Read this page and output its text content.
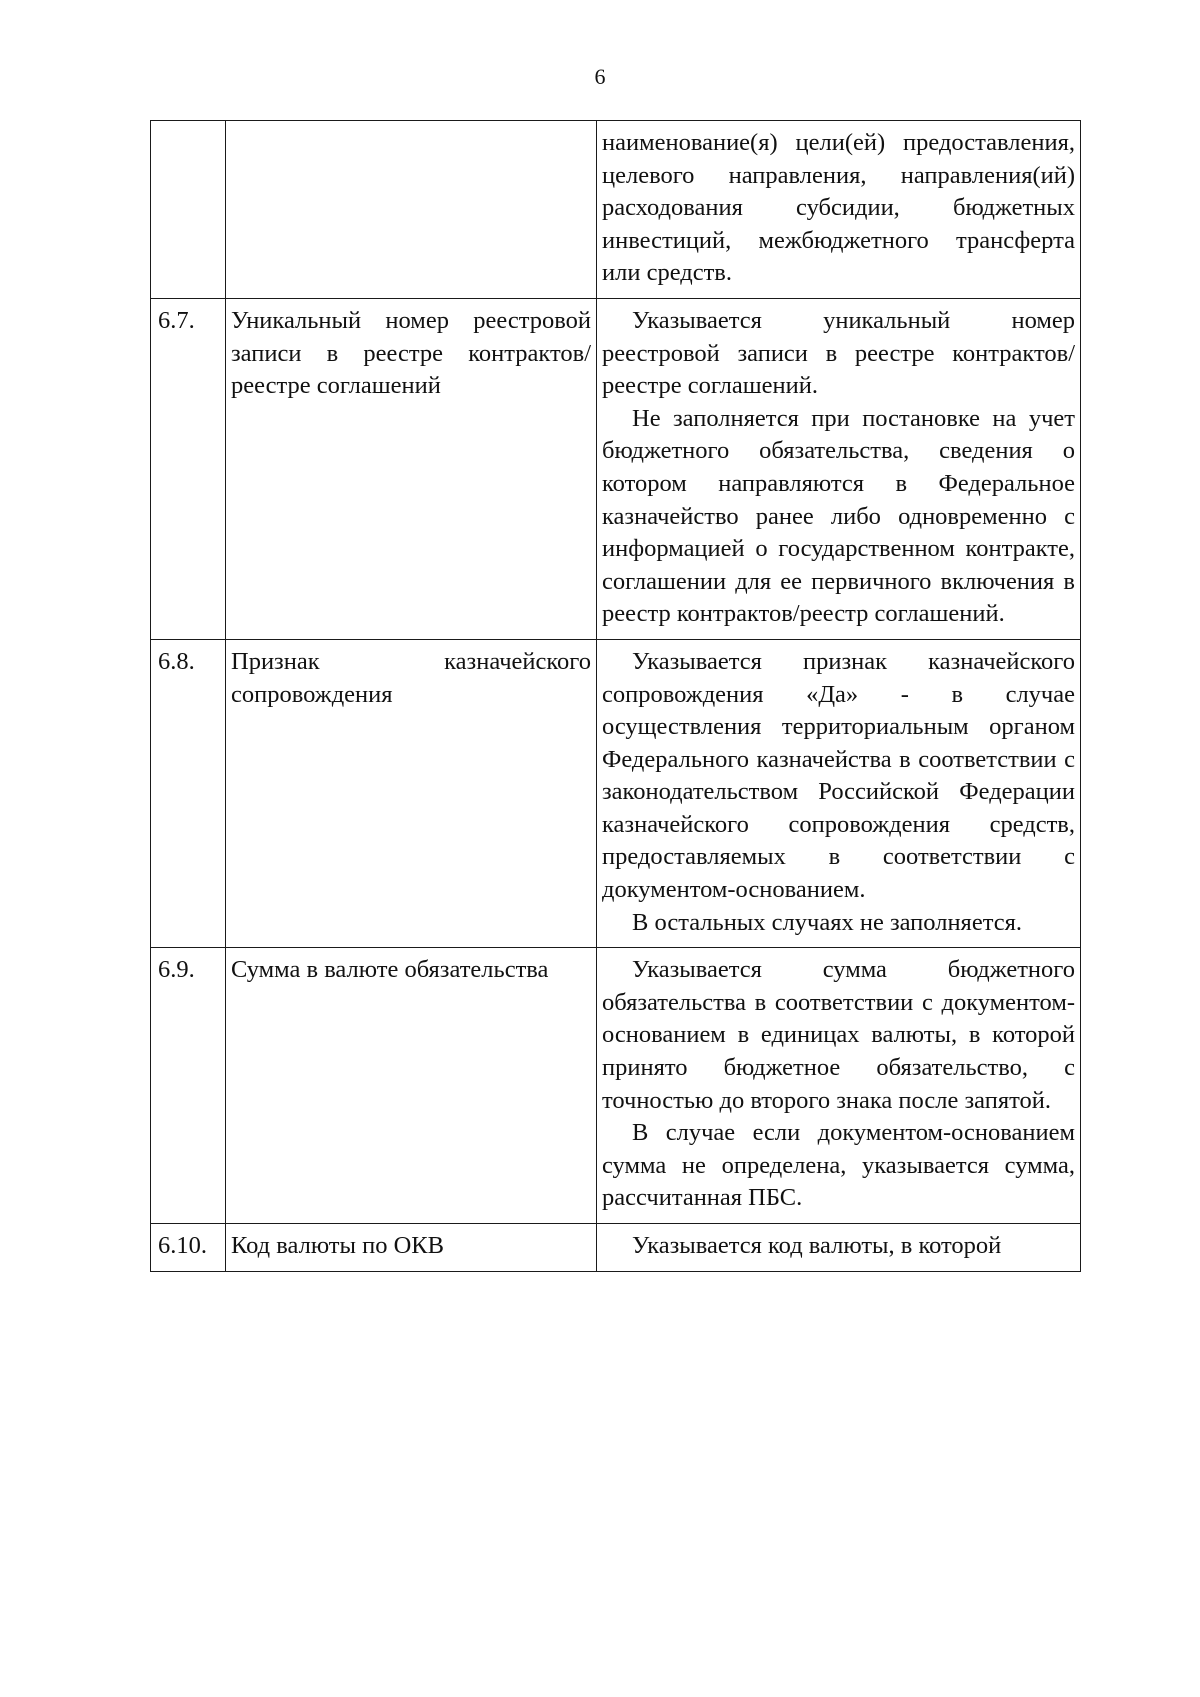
6

		наименование(я) цели(ей) предоставления, целевого направления, направления(ий) расходования субсидии, бюджетных инвестиций, межбюджетного трансферта или средств.

6.7.	Уникальный номер реестровой записи в реестре контрактов/реестре соглашений	Указывается уникальный номер реестровой записи в реестре контрактов/реестре соглашений.

Не заполняется при постановке на учет бюджетного обязательства, сведения о котором направляются в Федеральное казначейство ранее либо одновременно с информацией о государственном контракте, соглашении для ее первичного включения в реестр контрактов/реестр соглашений.

6.8.	Признак казначейского сопровождения	Указывается признак казначейского сопровождения «Да» - в случае осуществления территориальным органом Федерального казначейства в соответствии с законодательством Российской Федерации казначейского сопровождения средств, предоставляемых в соответствии с документом-основанием.

В остальных случаях не заполняется.

6.9.	Сумма в валюте обязательства	Указывается сумма бюджетного обязательства в соответствии с документом-основанием в единицах валюты, в которой принято бюджетное обязательство, с точностью до второго знака после запятой.

В случае если документом-основанием сумма не определена, указывается сумма, рассчитанная ПБС.

6.10.	Код валюты по ОКВ	Указывается код валюты, в которой
